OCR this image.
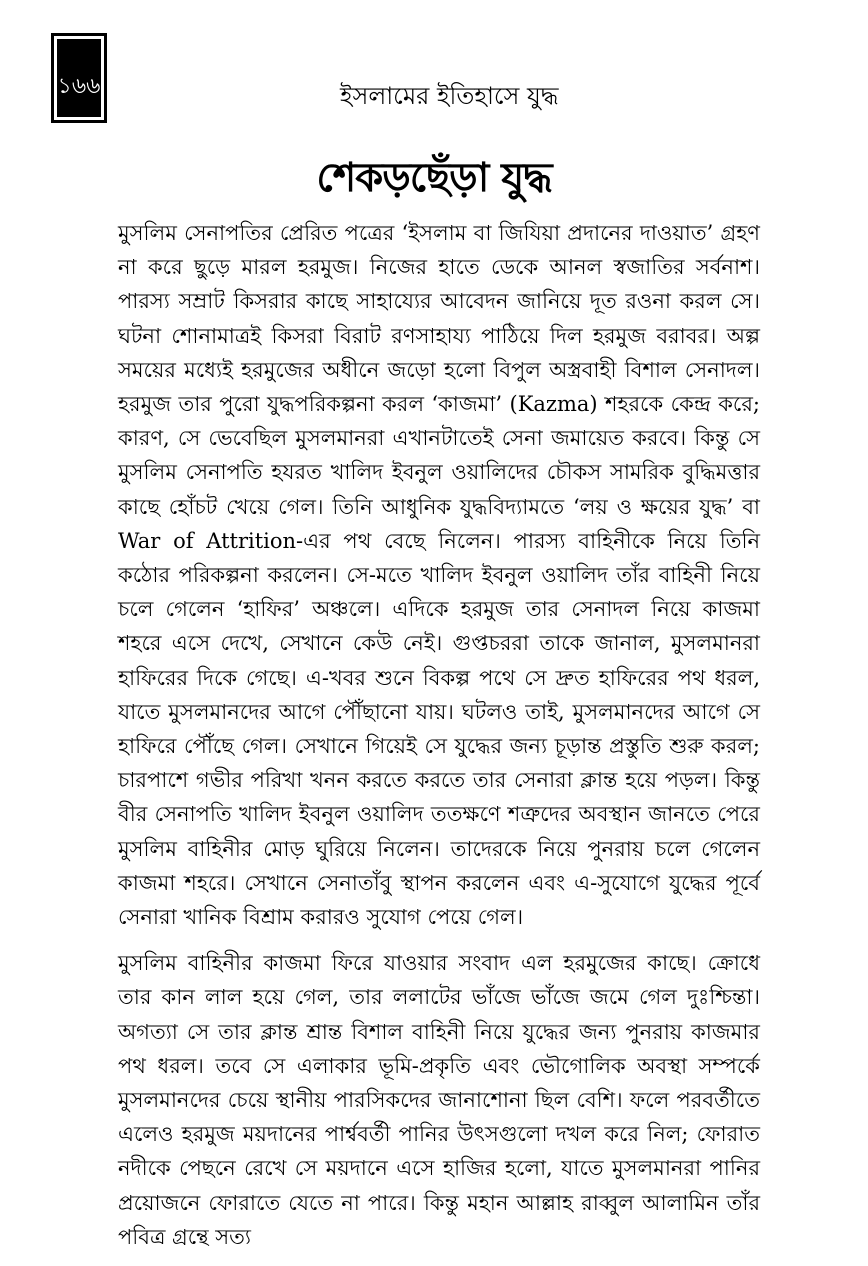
১৬৬	ইসলামের ইতিহাসে যুদ্ধ
শেকড়ছেঁড়া যুদ্ধ

মুসলিম সেনাপতির প্রেরিত পত্রের ‘ইসলাম বা জিযিয়া প্রদানের দাওয়াত’ গ্রহণ না করে ছুড়ে মারল হরমুজ। নিজের হাতে ডেকে আনল স্বজাতির সর্বনাশ। পারস্য সম্রাট কিসরার কাছে সাহায্যের আবেদন জানিয়ে দূত রওনা করল সে। ঘটনা শোনামাত্রই কিসরা বিরাট রণসাহায্য পাঠিয়ে দিল হরমুজ বরাবর। অল্প সময়ের মধ্যেই হরমুজের অধীনে জড়ো হলো বিপুল অস্ত্রবাহী বিশাল সেনাদল। হরমুজ তার পুরো যুদ্ধপরিকল্পনা করল ‘কাজমা’ (Kazma) শহরকে কেন্দ্র করে; কারণ, সে ভেবেছিল মুসলমানরা এখানটাতেই সেনা জমায়েত করবে। কিন্তু সে মুসলিম সেনাপতি হযরত খালিদ ইবনুল ওয়ালিদের চৌকস সামরিক বুদ্ধিমত্তার কাছে হোঁচট খেয়ে গেল। তিনি আধুনিক যুদ্ধবিদ্যামতে ‘লয় ও ক্ষয়ের যুদ্ধ’ বা War of Attrition-এর পথ বেছে নিলেন। পারস্য বাহিনীকে নিয়ে তিনি কঠোর পরিকল্পনা করলেন। সে-মতে খালিদ ইবনুল ওয়ালিদ তাঁর বাহিনী নিয়ে চলে গেলেন ‘হাফির’ অঞ্চলে। এদিকে হরমুজ তার সেনাদল নিয়ে কাজমা শহরে এসে দেখে, সেখানে কেউ নেই। গুপ্তচররা তাকে জানাল, মুসলমানরা হাফিরের দিকে গেছে। এ-খবর শুনে বিকল্প পথে সে দ্রুত হাফিরের পথ ধরল, যাতে মুসলমানদের আগে পৌঁছানো যায়। ঘটলও তাই, মুসলমানদের আগে সে হাফিরে পৌঁছে গেল। সেখানে গিয়েই সে যুদ্ধের জন্য চূড়ান্ত প্রস্তুতি শুরু করল; চারপাশে গভীর পরিখা খনন করতে করতে তার সেনারা ক্লান্ত হয়ে পড়ল। কিন্তু বীর সেনাপতি খালিদ ইবনুল ওয়ালিদ ততক্ষণে শত্রুদের অবস্থান জানতে পেরে মুসলিম বাহিনীর মোড় ঘুরিয়ে নিলেন। তাদেরকে নিয়ে পুনরায় চলে গেলেন কাজমা শহরে। সেখানে সেনাতাঁবু স্থাপন করলেন এবং এ-সুযোগে যুদ্ধের পূর্বে সেনারা খানিক বিশ্রাম করারও সুযোগ পেয়ে গেল।

মুসলিম বাহিনীর কাজমা ফিরে যাওয়ার সংবাদ এল হরমুজের কাছে। ক্রোধে তার কান লাল হয়ে গেল, তার ললাটের ভাঁজে ভাঁজে জমে গেল দুঃশ্চিন্তা। অগত্যা সে তার ক্লান্ত শ্রান্ত বিশাল বাহিনী নিয়ে যুদ্ধের জন্য পুনরায় কাজমার পথ ধরল। তবে সে এলাকার ভূমি-প্রকৃতি এবং ভৌগোলিক অবস্থা সম্পর্কে মুসলমানদের চেয়ে স্থানীয় পারসিকদের জানাশোনা ছিল বেশি। ফলে পরবর্তীতে এলেও হরমুজ ময়দানের পার্শ্ববর্তী পানির উৎসগুলো দখল করে নিল; ফোরাত নদীকে পেছনে রেখে সে ময়দানে এসে হাজির হলো, যাতে মুসলমানরা পানির প্রয়োজনে ফোরাতে যেতে না পারে। কিন্তু মহান আল্লাহ রাব্বুল আলামিন তাঁর পবিত্র গ্রন্থে সত্য
